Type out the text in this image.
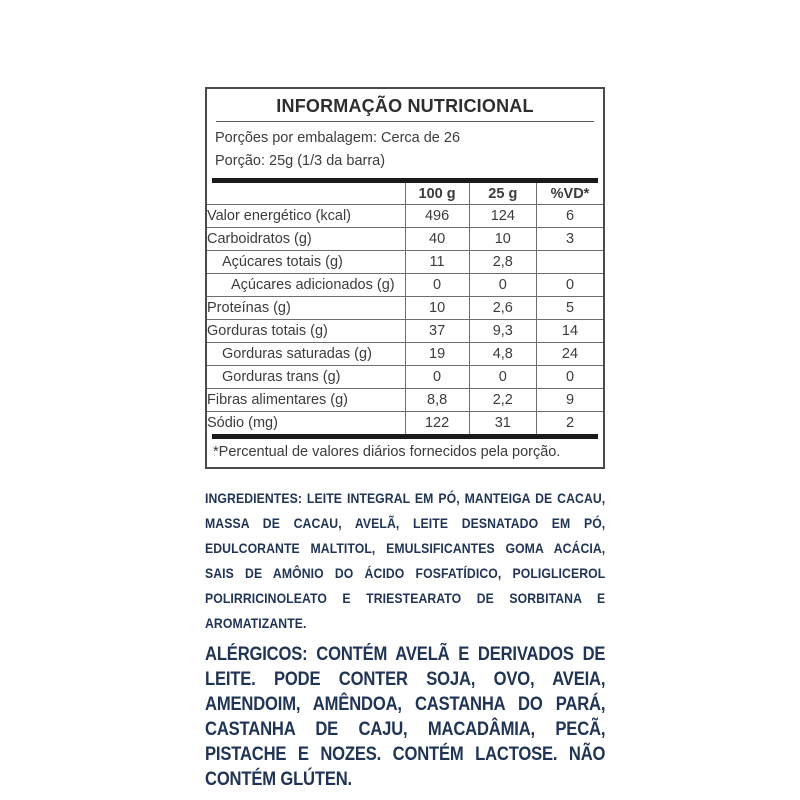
INFORMAÇÃO NUTRICIONAL
Porções por embalagem: Cerca de 26
Porção: 25g (1/3 da barra)
	100 g	25 g	%VD*
Valor energético (kcal)	496	124	6
Carboidratos (g)	40	10	3
Açúcares totais (g)	11	2,8	
Açúcares adicionados (g)	0	0	0
Proteínas (g)	10	2,6	5
Gorduras totais (g)	37	9,3	14
Gorduras saturadas (g)	19	4,8	24
Gorduras trans (g)	0	0	0
Fibras alimentares (g)	8,8	2,2	9
Sódio (mg)	122	31	2
*Percentual de valores diários fornecidos pela porção.
INGREDIENTES: LEITE INTEGRAL EM PÓ, MANTEIGA DE CACAU, MASSA DE CACAU, AVELÃ, LEITE DESNATADO EM PÓ, EDULCORANTE MALTITOL, EMULSIFICANTES GOMA ACÁCIA, SAIS DE AMÔNIO DO ÁCIDO FOSFATÍDICO, POLIGLICEROL POLIRRICINOLEATO E TRIESTEARATO DE SORBITANA E AROMATIZANTE.
ALÉRGICOS: CONTÉM AVELÃ E DERIVADOS DE LEITE. PODE CONTER SOJA, OVO, AVEIA, AMENDOIM, AMÊNDOA, CASTANHA DO PARÁ, CASTANHA DE CAJU, MACADÂMIA, PECÃ, PISTACHE E NOZES. CONTÉM LACTOSE. NÃO CONTÉM GLÚTEN.
